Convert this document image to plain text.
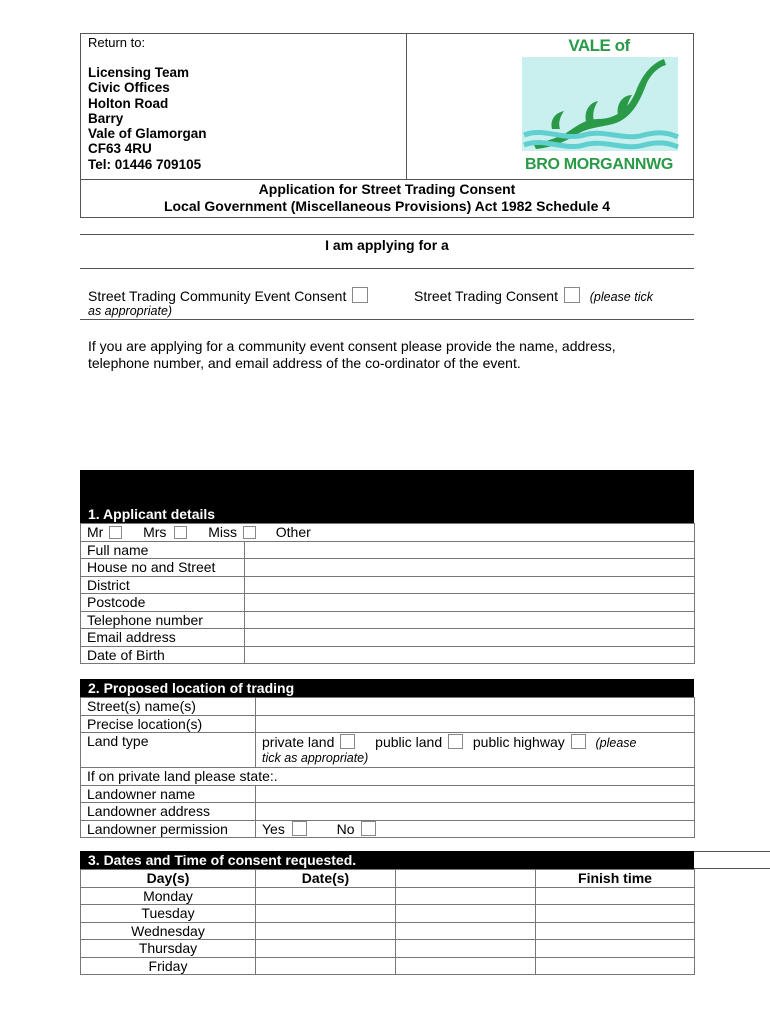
Return to:
Licensing Team
Civic Offices
Holton Road
Barry
Vale of Glamorgan
CF63 4RU
Tel: 01446 709105
VALE of
BRO MORGANNWG
Application for Street Trading Consent
Local Government (Miscellaneous Provisions) Act 1982 Schedule 4
I am applying for a
Street Trading Community Event Consent	Street Trading Consent	(please tick
as appropriate)
If you are applying for a community event consent please provide the name, address,
telephone number, and email address of the co-ordinator of the event.
1. Applicant details
Mr Mrs Miss Other	
Full name	
House no and Street	
District	
Postcode	
Telephone number	
Email address	
Date of Birth	
2. Proposed location of trading
Street(s) name(s)	
Precise location(s)	
Land type	private land public land public highway (please
tick as appropriate)

If on private land please state:.	
Landowner name	
Landowner address	
Landowner permission	Yes No
3. Dates and Time of consent requested.
Day(s)	Date(s)		Finish time
Monday			
Tuesday			
Wednesday			
Thursday			
Friday			
